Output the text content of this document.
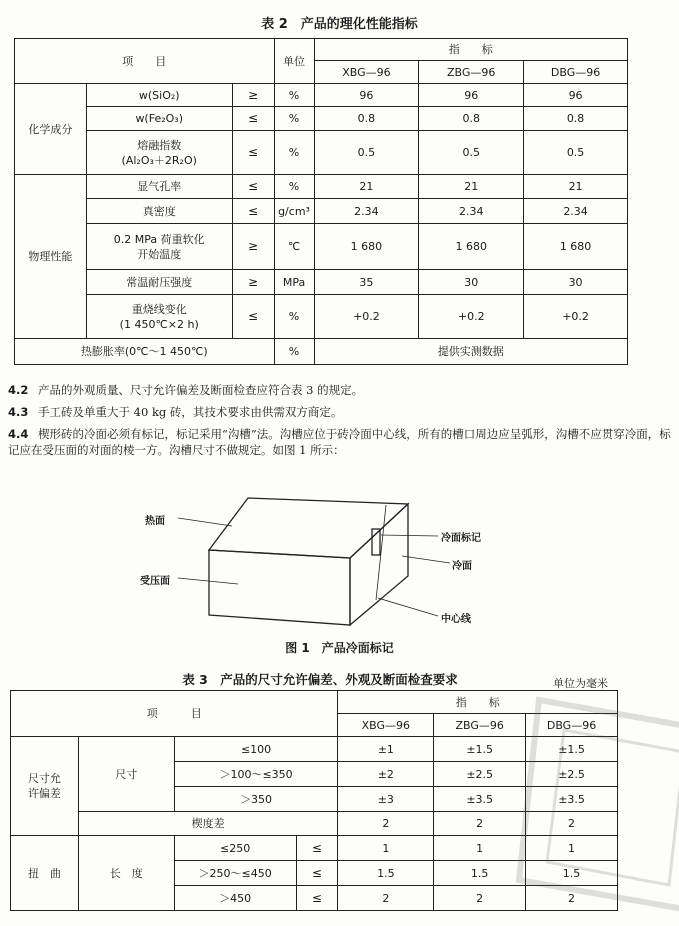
表 2　产品的理化性能指标
项　　目			单位	指　　标		
				XBG—96	ZBG—96	DBG—96
化学成分	w(SiO₂)	≥	%	96	96	96
	w(Fe₂O₃)	≤	%	0.8	0.8	0.8
	熔融指数
(Al₂O₃＋2R₂O)	≤	%	0.5	0.5	0.5
物理性能	显气孔率	≤	%	21	21	21
	真密度	≤	g/cm³	2.34	2.34	2.34
	0.2 MPa 荷重软化
开始温度	≥	℃	1 680	1 680	1 680
	常温耐压强度	≥	MPa	35	30	30
	重烧线变化
(1 450℃×2 h)	≤	%	+0.2	+0.2	+0.2
热膨胀率(0℃～1 450℃)			%	提供实测数据		
4.2 产品的外观质量、尺寸允许偏差及断面检查应符合表 3 的规定。
4.3 手工砖及单重大于 40 kg 砖，其技术要求由供需双方商定。
4.4 楔形砖的冷面必须有标记，标记采用“沟槽”法。沟槽应位于砖冷面中心线，所有的槽口周边应呈弧形，沟槽不应贯穿冷面，标记应在受压面的对面的棱一方。沟槽尺寸不做规定。如图 1 所示：
热面
受压面
冷面标记
冷面
中心线
图 1　产品冷面标记
表 3　产品的尺寸允许偏差、外观及断面检查要求	单位为毫米
项　　　目				指　　标		
				XBG—96	ZBG—96	DBG—96
尺寸允
许偏差	尺寸	≤100		±1	±1.5	±1.5
		＞100～≤350		±2	±2.5	±2.5
		＞350		±3	±3.5	±3.5
	楔度差			2	2	2
扭　曲	长　度	≤250	≤	1	1	1
		＞250～≤450	≤	1.5	1.5	1.5
		＞450	≤	2	2	2
